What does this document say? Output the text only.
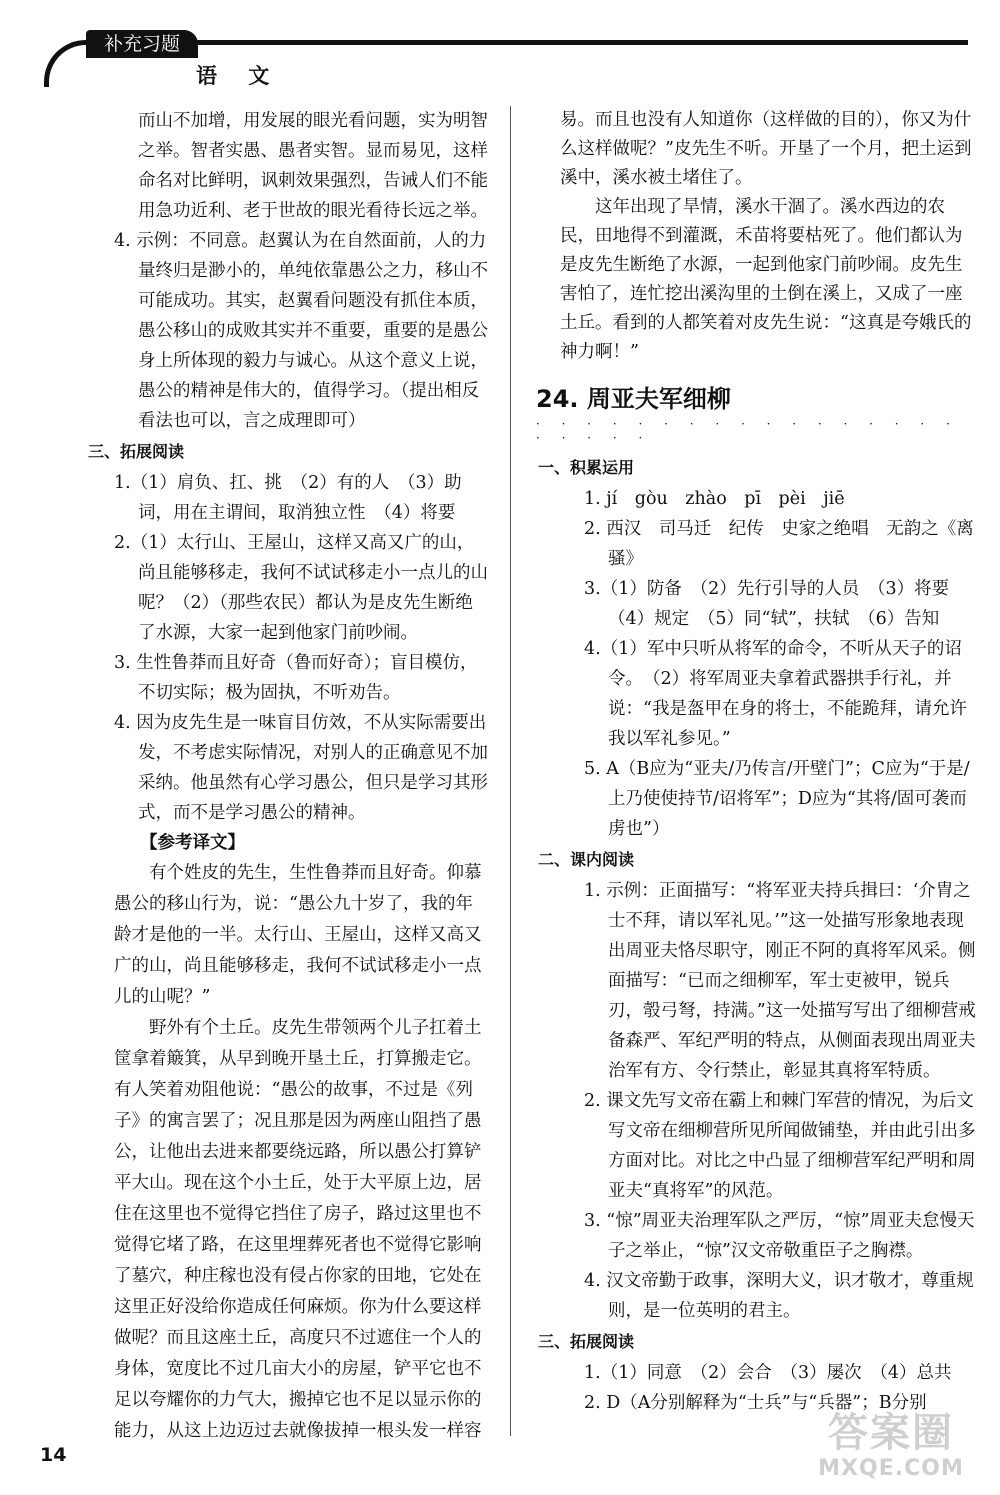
补充习题
语 文

而山不加增，用发展的眼光看问题，实为明智之举。智者实愚、愚者实智。显而易见，这样命名对比鲜明，讽刺效果强烈，告诫人们不能用急功近利、老于世故的眼光看待长远之举。

4. 示例：不同意。赵翼认为在自然面前，人的力量终归是渺小的，单纯依靠愚公之力，移山不可能成功。其实，赵翼看问题没有抓住本质，愚公移山的成败其实并不重要，重要的是愚公身上所体现的毅力与诚心。从这个意义上说，愚公的精神是伟大的，值得学习。（提出相反看法也可以，言之成理即可）

三、拓展阅读

1.（1）肩负、扛、挑　（2）有的人　（3）助词，用在主谓间，取消独立性　（4）将要

2.（1）太行山、王屋山，这样又高又广的山，尚且能够移走，我何不试试移走小一点儿的山呢？（2）（那些农民）都认为是皮先生断绝了水源，大家一起到他家门前吵闹。

3. 生性鲁莽而且好奇（鲁而好奇）；盲目模仿，不切实际；极为固执，不听劝告。

4. 因为皮先生是一味盲目仿效，不从实际需要出发，不考虑实际情况，对别人的正确意见不加采纳。他虽然有心学习愚公，但只是学习其形式，而不是学习愚公的精神。

【参考译文】

有个姓皮的先生，生性鲁莽而且好奇。仰慕愚公的移山行为，说：“愚公九十岁了，我的年龄才是他的一半。太行山、王屋山，这样又高又广的山，尚且能够移走，我何不试试移走小一点儿的山呢？”

野外有个土丘。皮先生带领两个儿子扛着土筐拿着簸箕，从早到晚开垦土丘，打算搬走它。有人笑着劝阻他说：“愚公的故事，不过是《列子》的寓言罢了；况且那是因为两座山阻挡了愚公，让他出去进来都要绕远路，所以愚公打算铲平大山。现在这个小土丘，处于大平原上边，居住在这里也不觉得它挡住了房子，路过这里也不觉得它堵了路，在这里埋葬死者也不觉得它影响了墓穴，种庄稼也没有侵占你家的田地，它处在这里正好没给你造成任何麻烦。你为什么要这样做呢？而且这座土丘，高度只不过遮住一个人的身体，宽度比不过几亩大小的房屋，铲平它也不足以夸耀你的力气大，搬掉它也不足以显示你的能力，从这上边迈过去就像拔掉一根头发一样容

易。而且也没有人知道你（这样做的目的），你又为什么这样做呢？”皮先生不听。开垦了一个月，把土运到溪中，溪水被土堵住了。

这年出现了旱情，溪水干涸了。溪水西边的农民，田地得不到灌溉，禾苗将要枯死了。他们都认为是皮先生断绝了水源，一起到他家门前吵闹。皮先生害怕了，连忙挖出溪沟里的土倒在溪上，又成了一座土丘。看到的人都笑着对皮先生说：“这真是夸娥氏的神力啊！”

24. 周亚夫军细柳

· · · · · · · · · · · · · · · · · · · · · ·

一、积累运用

1. jí　gòu　zhào　pī　pèi　jiē

2. 西汉　司马迁　纪传　史家之绝唱　无韵之《离骚》

3.（1）防备　（2）先行引导的人员　（3）将要　（4）规定　（5）同“轼”，扶轼　（6）告知

4.（1）军中只听从将军的命令，不听从天子的诏令。　（2）将军周亚夫拿着武器拱手行礼，并说：“我是盔甲在身的将士，不能跪拜，请允许我以军礼参见。”

5. A（B应为“亚夫/乃传言/开壁门”；C应为“于是/上乃使使持节/诏将军”；D应为“其将/固可袭而虏也”）

二、课内阅读

1. 示例：正面描写：“将军亚夫持兵揖曰：‘介胄之士不拜，请以军礼见。’”这一处描写形象地表现出周亚夫恪尽职守，刚正不阿的真将军风采。侧面描写：“已而之细柳军，军士吏被甲，锐兵刃，彀弓弩，持满。”这一处描写写出了细柳营戒备森严、军纪严明的特点，从侧面表现出周亚夫治军有方、令行禁止，彰显其真将军特质。

2. 课文先写文帝在霸上和棘门军营的情况，为后文写文帝在细柳营所见所闻做铺垫，并由此引出多方面对比。对比之中凸显了细柳营军纪严明和周亚夫“真将军”的风范。

3. “惊”周亚夫治理军队之严厉，“惊”周亚夫怠慢天子之举止，“惊”汉文帝敬重臣子之胸襟。

4. 汉文帝勤于政事，深明大义，识才敬才，尊重规则，是一位英明的君主。

三、拓展阅读

1.（1）同意　（2）会合　（3）屡次　（4）总共

2. D（A分别解释为“士兵”与“兵器”；B分别

14	答案圈
MXQE.COM
